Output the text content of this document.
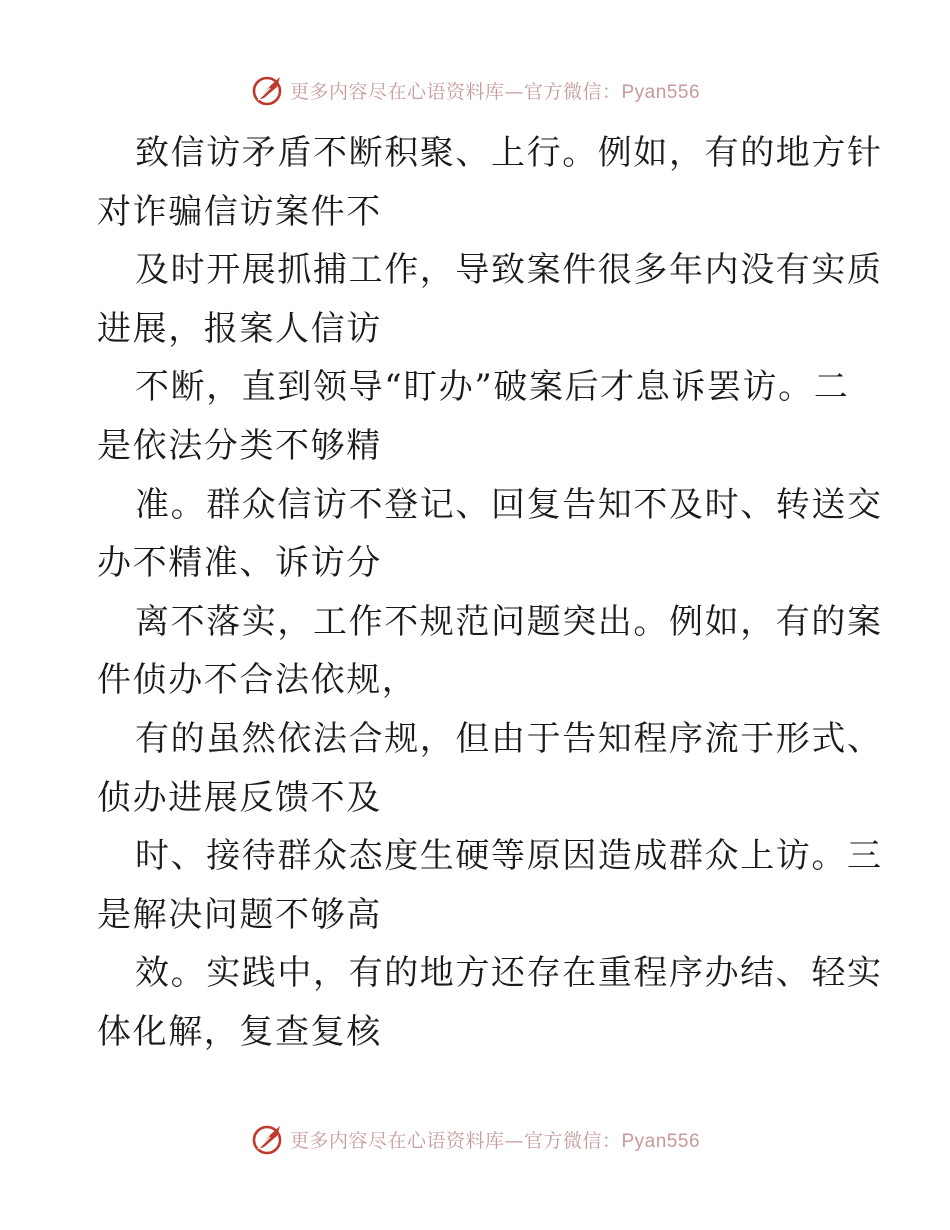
更多内容尽在心语资料库—官方微信：Pyan556
致信访矛盾不断积聚、上行。例如，有的地方针
对诈骗信访案件不
及时开展抓捕工作，导致案件很多年内没有实质
进展，报案人信访
不断，直到领导“盯办”破案后才息诉罢访。二
是依法分类不够精
准。群众信访不登记、回复告知不及时、转送交
办不精准、诉访分
离不落实，工作不规范问题突出。例如，有的案
件侦办不合法依规，
有的虽然依法合规，但由于告知程序流于形式、
侦办进展反馈不及
时、接待群众态度生硬等原因造成群众上访。三
是解决问题不够高
效。实践中，有的地方还存在重程序办结、轻实
体化解，复查复核
更多内容尽在心语资料库—官方微信：Pyan556
